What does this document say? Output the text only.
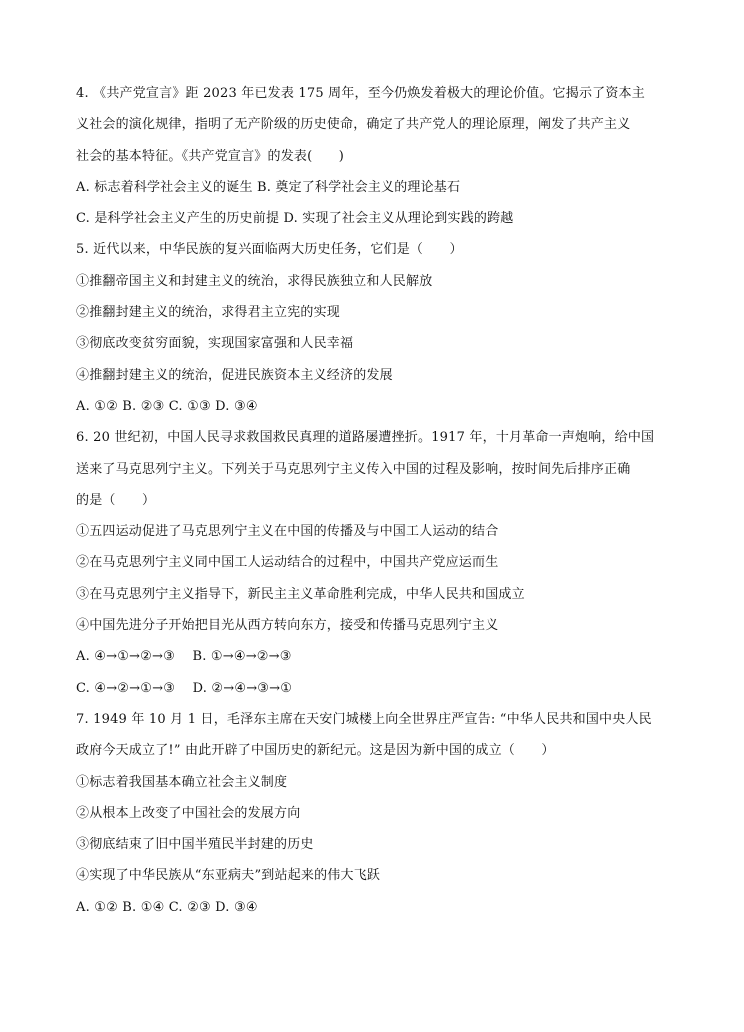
4. 《共产党宣言》距 2023 年已发表 175 周年，至今仍焕发着极大的理论价值。它揭示了资本主
义社会的演化规律，指明了无产阶级的历史使命，确定了共产党人的理论原理，阐发了共产主义
社会的基本特征。《共产党宣言》的发表(　　)
A. 标志着科学社会主义的诞生 B. 奠定了科学社会主义的理论基石
C. 是科学社会主义产生的历史前提 D. 实现了社会主义从理论到实践的跨越
5. 近代以来，中华民族的复兴面临两大历史任务，它们是（　　）
①推翻帝国主义和封建主义的统治，求得民族独立和人民解放
②推翻封建主义的统治，求得君主立宪的实现
③彻底改变贫穷面貌，实现国家富强和人民幸福
④推翻封建主义的统治，促进民族资本主义经济的发展
A. ①② B. ②③ C. ①③ D. ③④
6. 20 世纪初，中国人民寻求救国救民真理的道路屡遭挫折。1917 年，十月革命一声炮响，给中国
送来了马克思列宁主义。下列关于马克思列宁主义传入中国的过程及影响，按时间先后排序正确
的是（　　）
①五四运动促进了马克思列宁主义在中国的传播及与中国工人运动的结合
②在马克思列宁主义同中国工人运动结合的过程中，中国共产党应运而生
③在马克思列宁主义指导下，新民主主义革命胜利完成，中华人民共和国成立
④中国先进分子开始把目光从西方转向东方，接受和传播马克思列宁主义
A. ④→①→②→③　 B. ①→④→②→③
C. ④→②→①→③　 D. ②→④→③→①
7. 1949 年 10 月 1 日，毛泽东主席在天安门城楼上向全世界庄严宣告: “中华人民共和国中央人民
政府今天成立了!” 由此开辟了中国历史的新纪元。这是因为新中国的成立（　　）
①标志着我国基本确立社会主义制度
②从根本上改变了中国社会的发展方向
③彻底结束了旧中国半殖民半封建的历史
④实现了中华民族从“东亚病夫”到站起来的伟大飞跃
A. ①② B. ①④ C. ②③ D. ③④
